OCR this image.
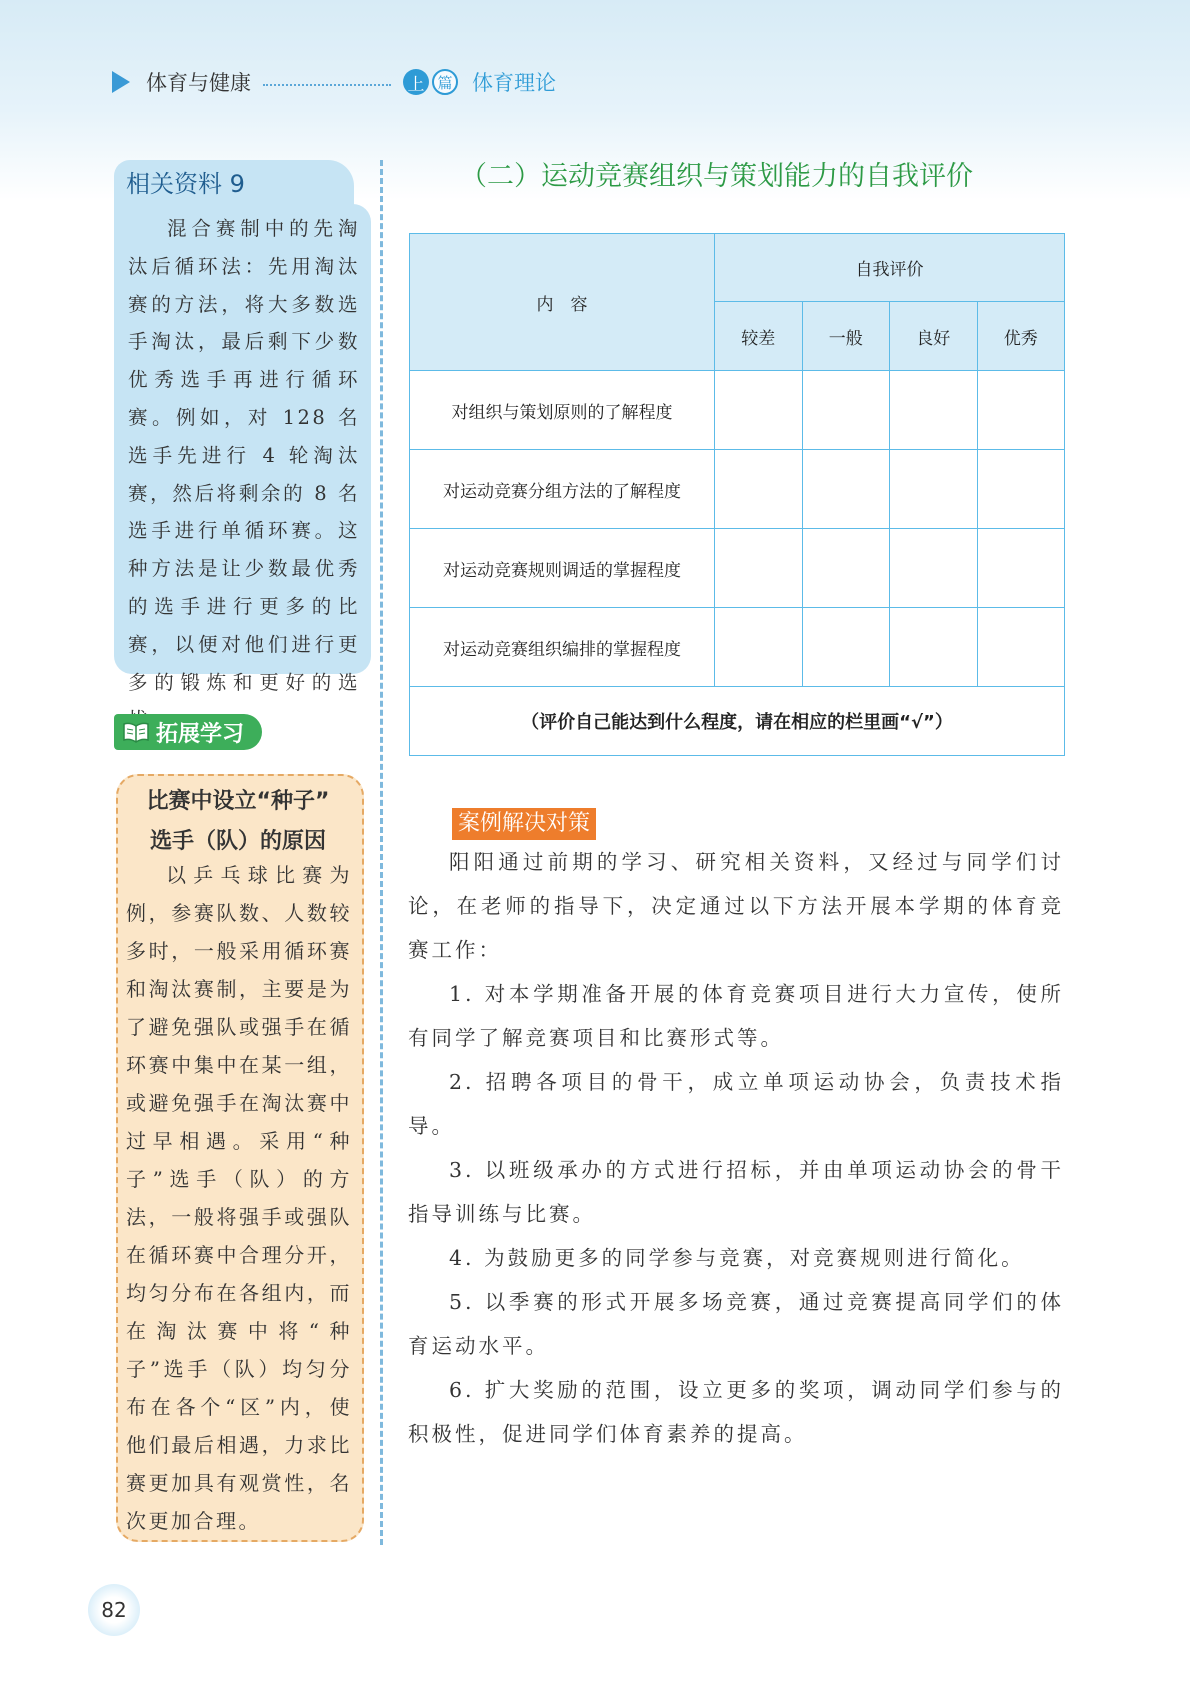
体育与健康	上 篇 体育理论
相关资料 9
混合赛制中的先淘汰后循环法：先用淘汰赛的方法，将大多数选手淘汰，最后剩下少数优秀选手再进行循环赛。例如，对 128 名选手先进行 4 轮淘汰赛，然后将剩余的 8 名选手进行单循环赛。这种方法是让少数最优秀的选手进行更多的比赛，以便对他们进行更多的锻炼和更好的选
拓展学习
比赛中设立“种子”
选手（队）的原因

以乒乓球比赛为例，参赛队数、人数较多时，一般采用循环赛和淘汰赛制，主要是为了避免强队或强手在循环赛中集中在某一组，或避免强手在淘汰赛中过早相遇。采用“种子”选手（队）的方法，一般将强手或强队在循环赛中合理分开，均匀分布在各组内，而在淘汰赛中将“种子”选手（队）均匀分布在各个“区”内，使他们最后相遇，力求比赛更加具有观赏性，名次更加合理。

（二）运动竞赛组织与策划能力的自我评价
内　容	自我评价			
	较差	一般	良好	优秀
对组织与策划原则的了解程度				
对运动竞赛分组方法的了解程度				
对运动竞赛规则调适的掌握程度				
对运动竞赛组织编排的掌握程度				
（评价自己能达到什么程度，请在相应的栏里画“√”）				
案例解决对策

阳阳通过前期的学习、研究相关资料，又经过与同学们讨论，在老师的指导下，决定通过以下方法开展本学期的体育竞赛工作：

1. 对本学期准备开展的体育竞赛项目进行大力宣传，使所有同学了解竞赛项目和比赛形式等。

2. 招聘各项目的骨干，成立单项运动协会，负责技术指导。

3. 以班级承办的方式进行招标，并由单项运动协会的骨干指导训练与比赛。

4. 为鼓励更多的同学参与竞赛，对竞赛规则进行简化。

5. 以季赛的形式开展多场竞赛，通过竞赛提高同学们的体育运动水平。

6. 扩大奖励的范围，设立更多的奖项，调动同学们参与的积极性，促进同学们体育素养的提高。

82
